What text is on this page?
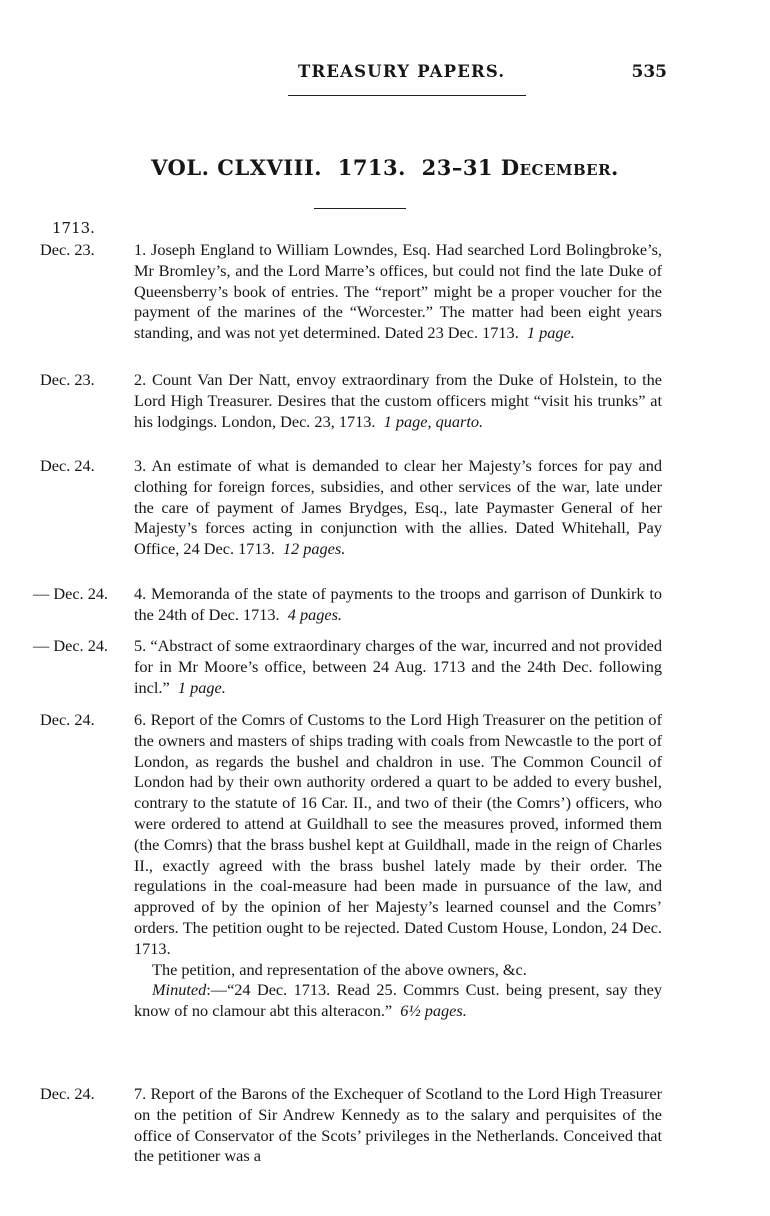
TREASURY PAPERS.	535
VOL. CLXVIII. 1713. 23–31 December.
1713.
Dec. 23.	1. Joseph England to William Lowndes, Esq. Had searched Lord Bolingbroke’s, Mr Bromley’s, and the Lord Marre’s offices, but could not find the late Duke of Queensberry’s book of entries. The “report” might be a proper voucher for the payment of the marines of the “Worcester.” The matter had been eight years standing, and was not yet determined. Dated 23 Dec. 1713. 1 page.
Dec. 23.	2. Count Van Der Natt, envoy extraordinary from the Duke of Holstein, to the Lord High Treasurer. Desires that the custom officers might “visit his trunks” at his lodgings. London, Dec. 23, 1713. 1 page, quarto.
Dec. 24.	3. An estimate of what is demanded to clear her Majesty’s forces for pay and clothing for foreign forces, subsidies, and other services of the war, late under the care of payment of James Brydges, Esq., late Paymaster General of her Majesty’s forces acting in conjunction with the allies. Dated Whitehall, Pay Office, 24 Dec. 1713. 12 pages.
— Dec. 24.	4. Memoranda of the state of payments to the troops and garrison of Dunkirk to the 24th of Dec. 1713. 4 pages.
— Dec. 24.	5. “Abstract of some extraordinary charges of the war, incurred and not provided for in Mr Moore’s office, between 24 Aug. 1713 and the 24th Dec. following incl.” 1 page.
Dec. 24.	6. Report of the Comrs of Customs to the Lord High Treasurer on the petition of the owners and masters of ships trading with coals from Newcastle to the port of London, as regards the bushel and chaldron in use. The Common Council of London had by their own authority ordered a quart to be added to every bushel, contrary to the statute of 16 Car. II., and two of their (the Comrs’) officers, who were ordered to attend at Guildhall to see the measures proved, informed them (the Comrs) that the brass bushel kept at Guildhall, made in the reign of Charles II., exactly agreed with the brass bushel lately made by their order. The regulations in the coal-measure had been made in pursuance of the law, and approved of by the opinion of her Majesty’s learned counsel and the Comrs’ orders. The petition ought to be rejected. Dated Custom House, London, 24 Dec. 1713.
The petition, and representation of the above owners, &c.
Minuted:—“24 Dec. 1713. Read 25. Commrs Cust. being present, say they know of no clamour abt this alteracon.” 6½ pages.
Dec. 24.	7. Report of the Barons of the Exchequer of Scotland to the Lord High Treasurer on the petition of Sir Andrew Kennedy as to the salary and perquisites of the office of Conservator of the Scots’ privileges in the Netherlands. Conceived that the petitioner was a
